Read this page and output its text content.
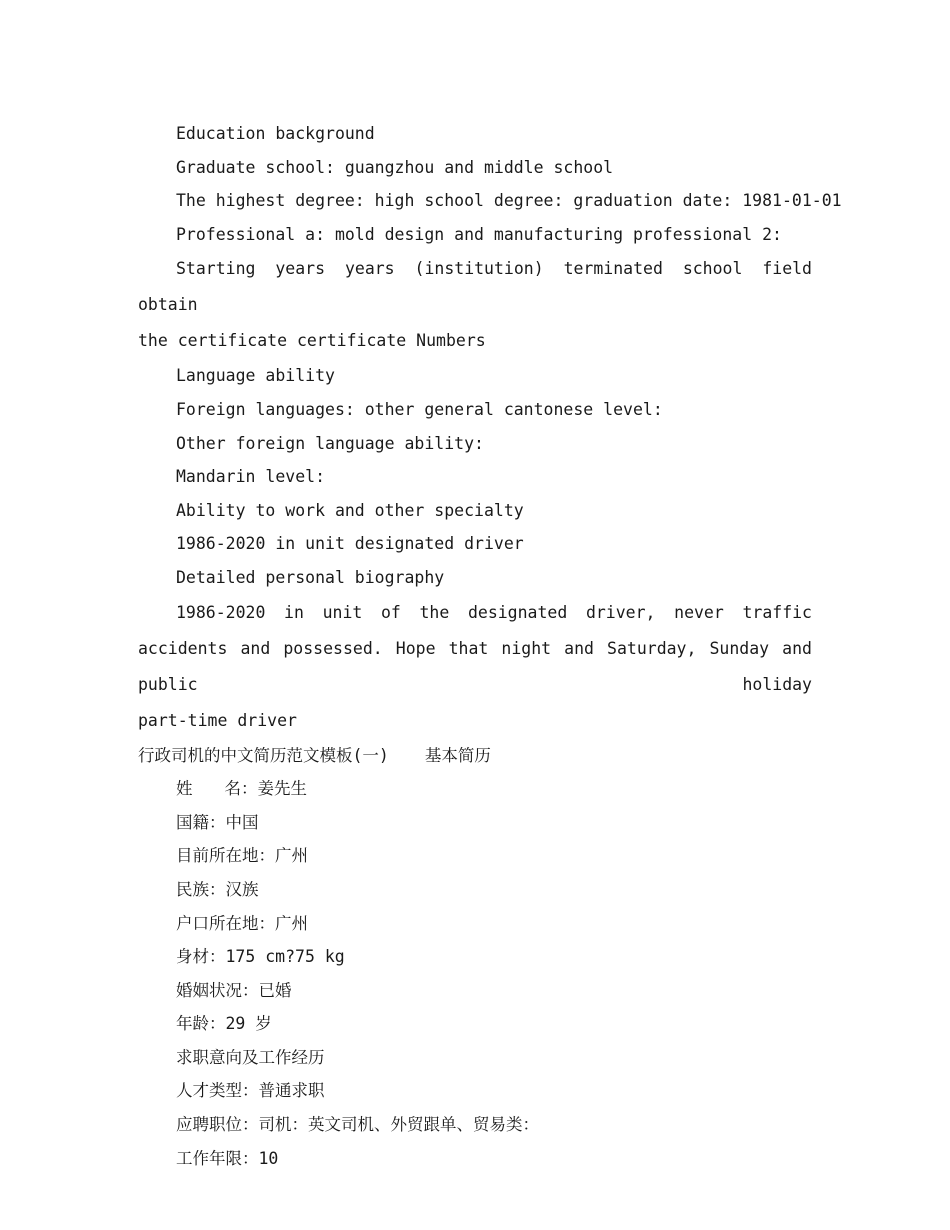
Education background
Graduate school: guangzhou and middle school
The highest degree: high school degree: graduation date: 1981-01-01
Professional a: mold design and manufacturing professional 2:
Starting years years (institution) terminated school field obtain
the certificate certificate Numbers
Language ability
Foreign languages: other general cantonese level:
Other foreign language ability:
Mandarin level:
Ability to work and other specialty
1986-2020 in unit designated driver
Detailed personal biography
1986-2020 in unit of the designated driver, never traffic accidents and possessed. Hope that night and Saturday, Sunday and public holiday
part-time driver
行政司机的中文简历范文模板(一) 基本简历
姓 名：姜先生
国籍：中国
目前所在地：广州
民族：汉族
户口所在地：广州
身材：175 cm?75 kg
婚姻状况：已婚
年龄：29 岁
求职意向及工作经历
人才类型：普通求职
应聘职位：司机：英文司机、外贸跟单、贸易类：
工作年限：10
